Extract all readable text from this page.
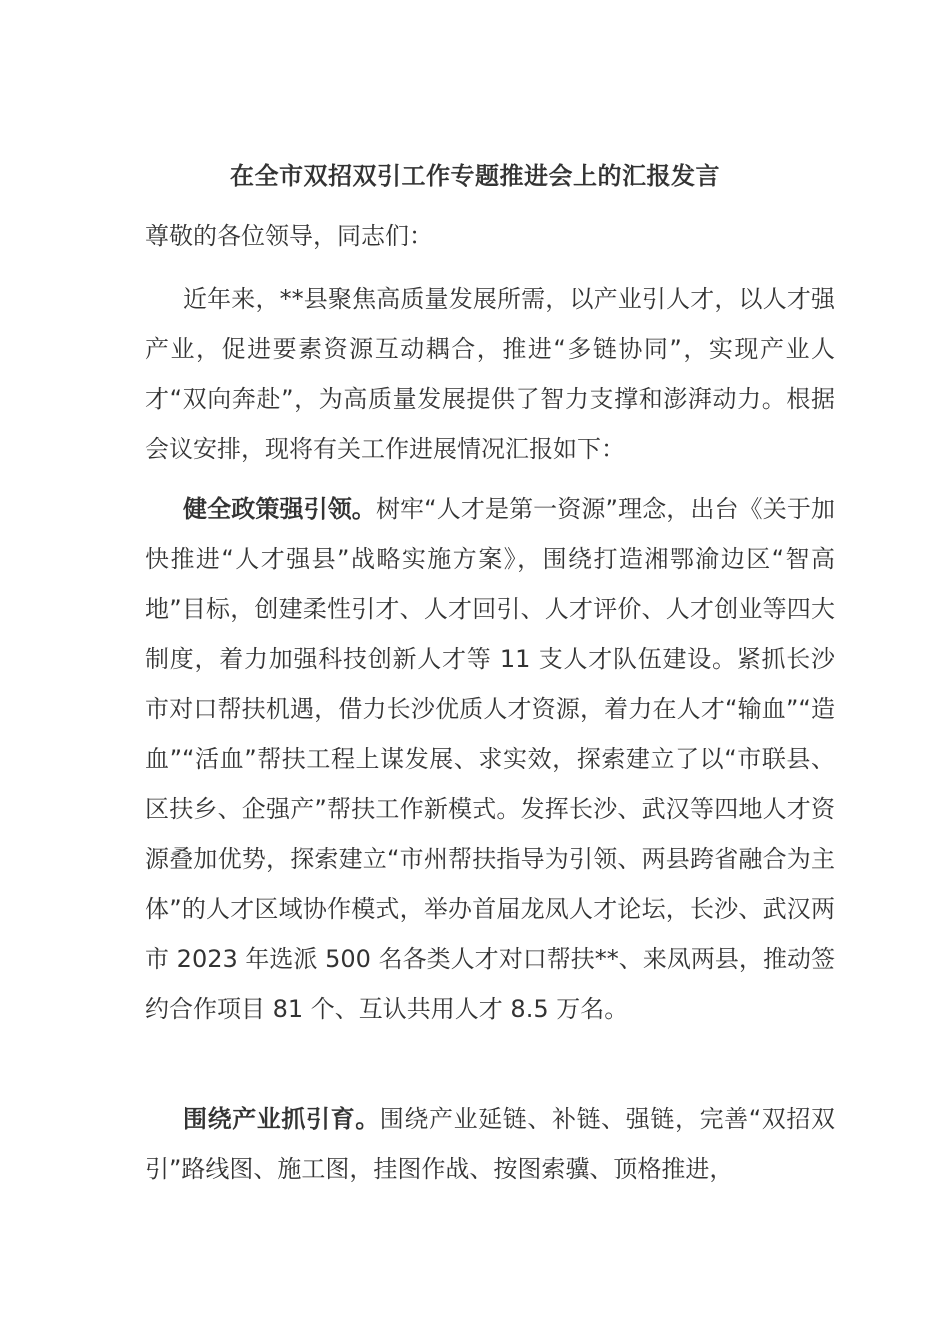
在全市双招双引工作专题推进会上的汇报发言
尊敬的各位领导，同志们：

近年来，**县聚焦高质量发展所需，以产业引人才，以人才强产业，促进要素资源互动耦合，推进“多链协同”，实现产业人才“双向奔赴”，为高质量发展提供了智力支撑和澎湃动力。根据会议安排，现将有关工作进展情况汇报如下：

健全政策强引领。树牢“人才是第一资源”理念，出台《关于加快推进“人才强县”战略实施方案》，围绕打造湘鄂渝边区“智高地”目标，创建柔性引才、人才回引、人才评价、人才创业等四大制度，着力加强科技创新人才等 11 支人才队伍建设。紧抓长沙市对口帮扶机遇，借力长沙优质人才资源，着力在人才“输血”“造血”“活血”帮扶工程上谋发展、求实效，探索建立了以“市联县、区扶乡、企强产”帮扶工作新模式。发挥长沙、武汉等四地人才资源叠加优势，探索建立“市州帮扶指导为引领、两县跨省融合为主体”的人才区域协作模式，举办首届龙凤人才论坛，长沙、武汉两市 2023 年选派 500 名各类人才对口帮扶**、来凤两县，推动签约合作项目 81 个、互认共用人才 8.5 万名。

围绕产业抓引育。围绕产业延链、补链、强链，完善“双招双引”路线图、施工图，挂图作战、按图索骥、顶格推进，
